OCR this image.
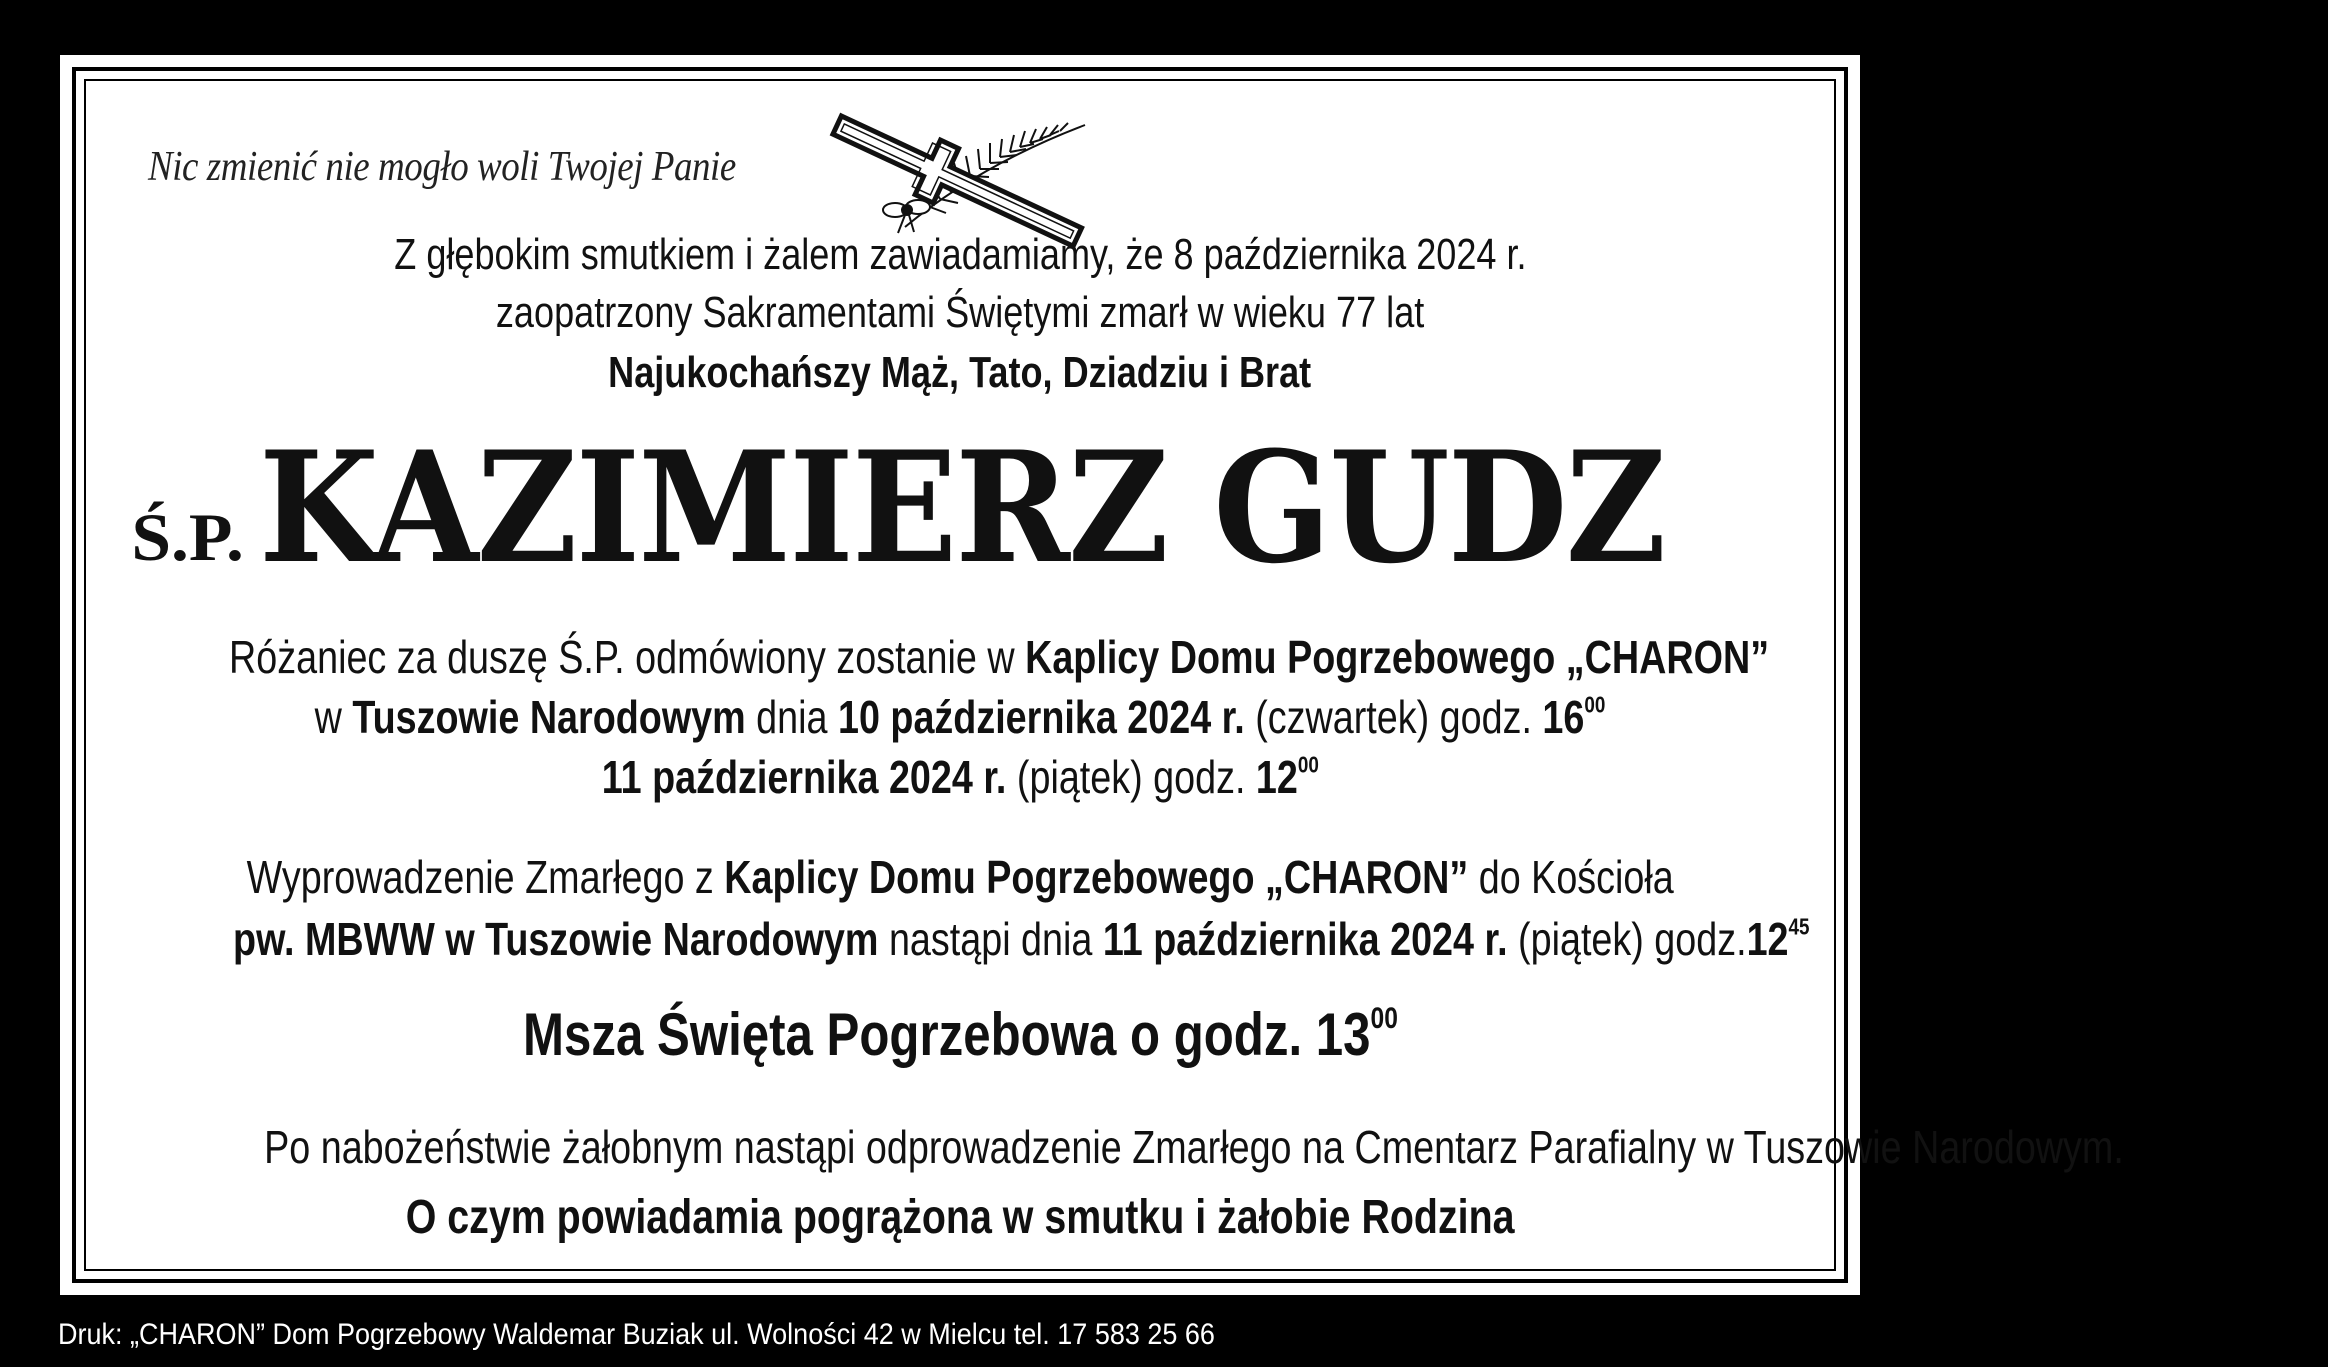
Nic zmienić nie mogło woli Twojej Panie
Z głębokim smutkiem i żalem zawiadamiamy, że 8 października 2024 r.
zaopatrzony Sakramentami Świętymi zmarł w wieku 77 lat
Najukochańszy Mąż, Tato, Dziadziu i Brat
Ś.P. KAZIMIERZ GUDZ
Różaniec za duszę Ś.P. odmówiony zostanie w Kaplicy Domu Pogrzebowego „CHARON”
w Tuszowie Narodowym dnia 10 października 2024 r. (czwartek) godz. $16^{00}$
11 października 2024 r. (piątek) godz. $12^{00}$
Wyprowadzenie Zmarłego z Kaplicy Domu Pogrzebowego „CHARON” do Kościoła
pw. MBWW w Tuszowie Narodowym nastąpi dnia 11 października 2024 r. (piątek) $godz.12^{45}$
Msza Święta Pogrzebowa o godz. $13^{00}$
Po nabożeństwie żałobnym nastąpi odprowadzenie Zmarłego na Cmentarz Parafialny w Tuszowie Narodowym.
O czym powiadamia pogrążona w smutku i żałobie Rodzina
Druk: „CHARON” Dom Pogrzebowy Waldemar Buziak ul. Wolności 42 w Mielcu tel. 17 583 25 66
